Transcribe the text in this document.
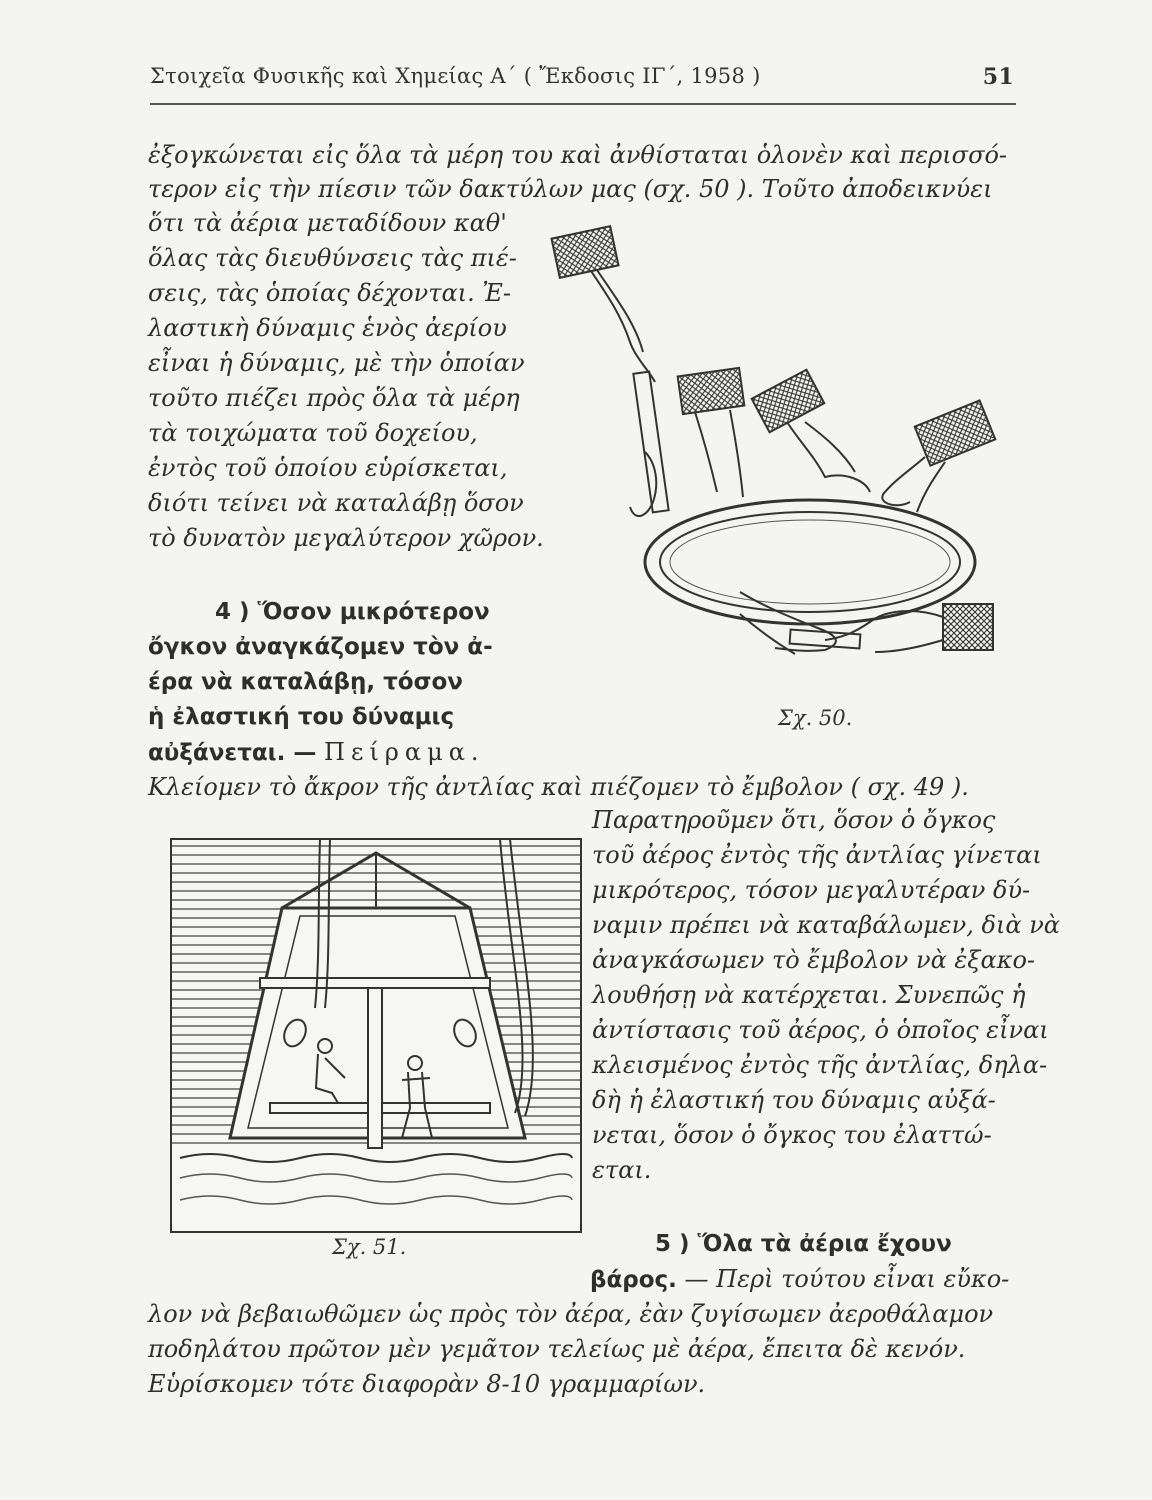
Στοιχεῖα Φυσικῆς καὶ Χημείας Α΄ ( Ἔκδοσις ΙΓ΄, 1958 )	51
ἐξογκώνεται εἰς ὅλα τὰ μέρη του καὶ ἀνθίσταται ὁλονὲν καὶ περισσό-
τερον εἰς τὴν πίεσιν τῶν δακτύλων μας (σχ. 50 ). Τοῦτο ἀποδεικνύει
ὅτι τὰ ἀέρια μεταδίδουν καθ'
ὅλας τὰς διευθύνσεις τὰς πιέ-
σεις, τὰς ὁποίας δέχονται. Ἐ-
λαστικὴ δύναμις ἑνὸς ἀερίου
εἶναι ἡ δύναμις, μὲ τὴν ὁποίαν
τοῦτο πιέζει πρὸς ὅλα τὰ μέρη
τὰ τοιχώματα τοῦ δοχείου,
ἐντὸς τοῦ ὁποίου εὑρίσκεται,
διότι τείνει νὰ καταλάβῃ ὅσον
τὸ δυνατὸν μεγαλύτερον χῶρον.
4 ) Ὅσον μικρότερον
ὄγκον ἀναγκάζομεν τὸν ἀ-
έρα νὰ καταλάβῃ, τόσον
ἡ ἐλαστική του δύναμις
αὐξάνεται. — Πείραμα.
Σχ. 50.
Κλείομεν τὸ ἄκρον τῆς ἀντλίας καὶ πιέζομεν τὸ ἔμβολον ( σχ. 49 ).
Σχ. 51.
Παρατηροῦμεν ὅτι, ὅσον ὁ ὄγκος
τοῦ ἀέρος ἐντὸς τῆς ἀντλίας γίνεται
μικρότερος, τόσον μεγαλυτέραν δύ-
ναμιν πρέπει νὰ καταβάλωμεν, διὰ νὰ
ἀναγκάσωμεν τὸ ἔμβολον νὰ ἐξακο-
λουθήσῃ νὰ κατέρχεται. Συνεπῶς ἡ
ἀντίστασις τοῦ ἀέρος, ὁ ὁποῖος εἶναι
κλεισμένος ἐντὸς τῆς ἀντλίας, δηλα-
δὴ ἡ ἐλαστική του δύναμις αὐξά-
νεται, ὅσον ὁ ὄγκος του ἐλαττώ-
εται.
5 ) Ὅλα τὰ ἀέρια ἔχουν
βάρος. — Περὶ τούτου εἶναι εὔκο-
λον νὰ βεβαιωθῶμεν ὡς πρὸς τὸν ἀέρα, ἐὰν ζυγίσωμεν ἀεροθάλαμον
ποδηλάτου πρῶτον μὲν γεμᾶτον τελείως μὲ ἀέρα, ἔπειτα δὲ κενόν.
Εὑρίσκομεν τότε διαφορὰν 8-10 γραμμαρίων.
